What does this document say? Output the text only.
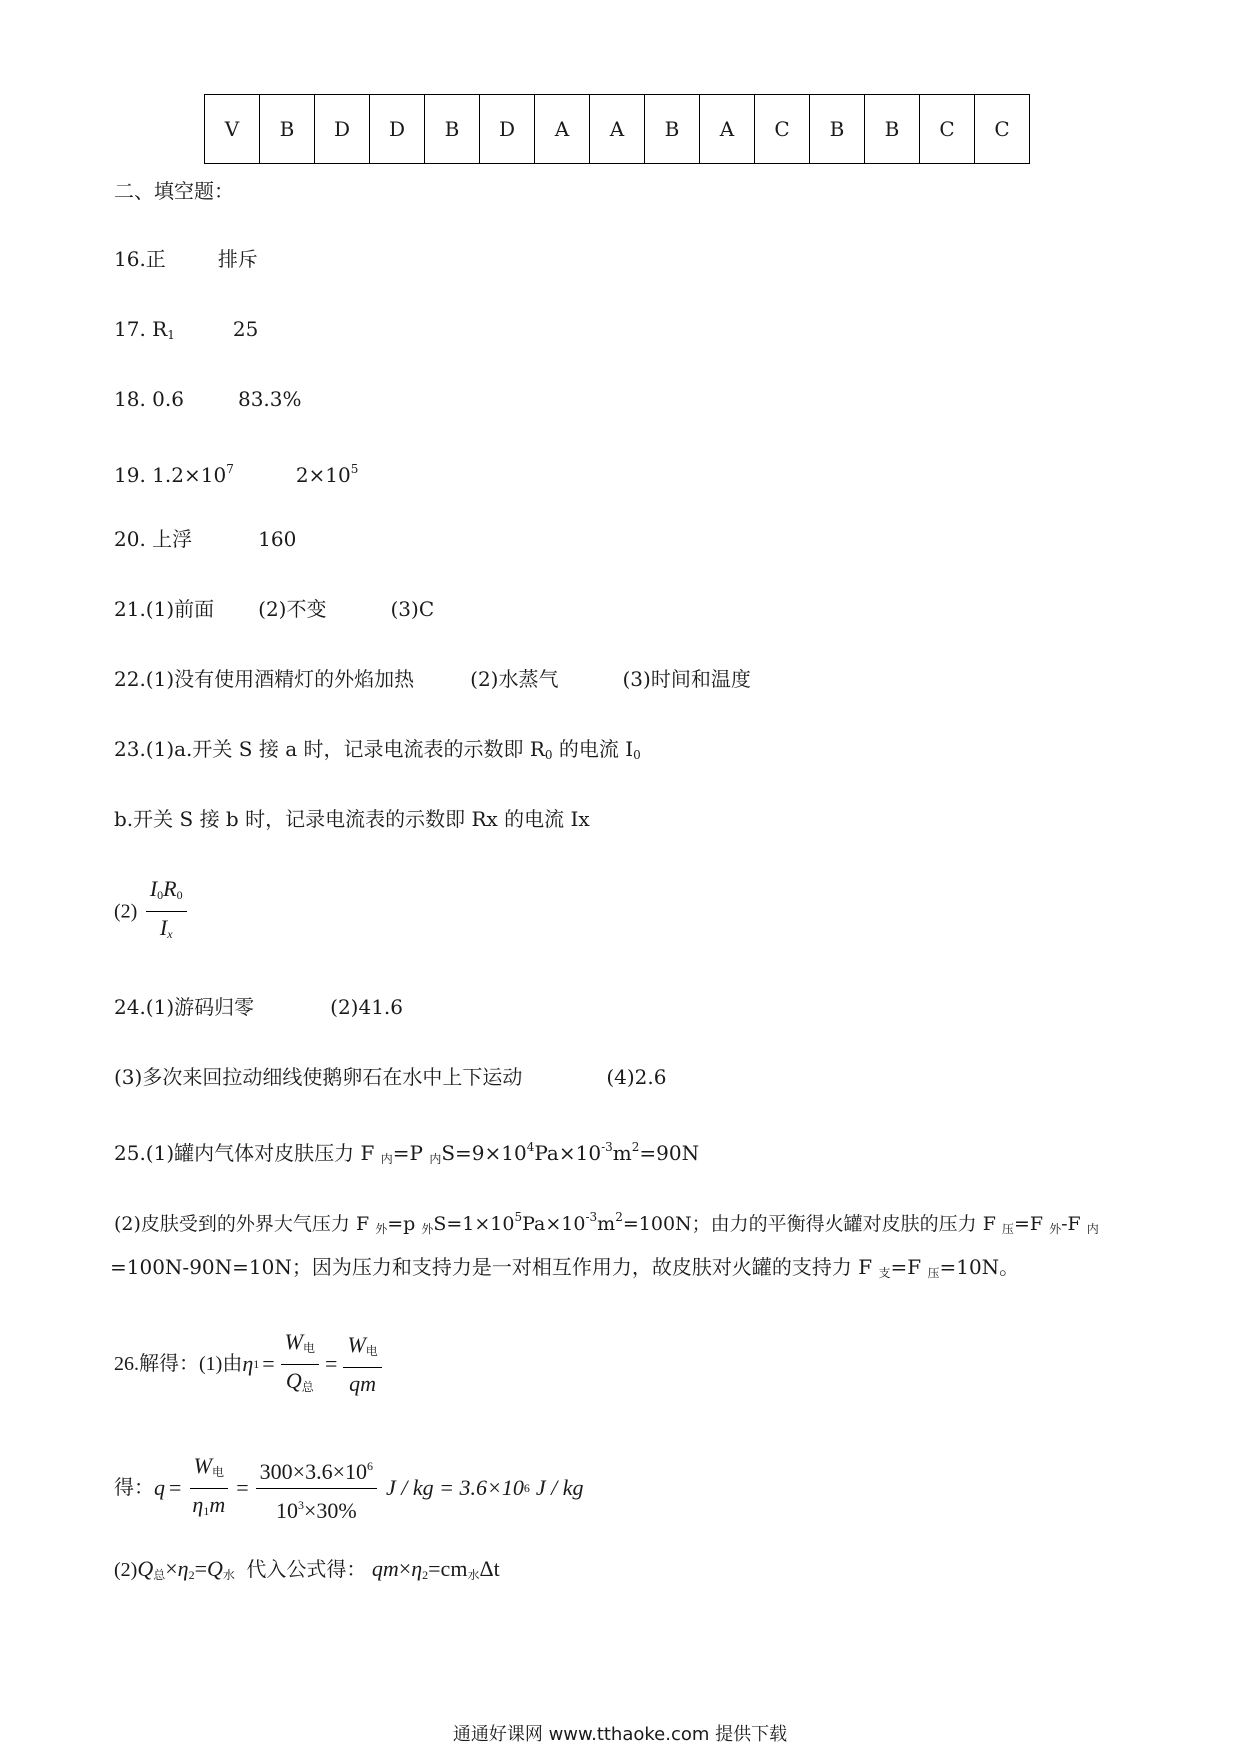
V	B	D	D	B	D	A	A	B	A	C	B	B	C	C
二、填空题：
16.正	排斥
17. $R_1$	25
18. 0.6	83.3%
19. $1.2\times 10^7$	$2\times 10^5$
20. 上浮	160
21.(1)前面 (2)不变	(3)C
22.(1)没有使用酒精灯的外焰加热	(2)水蒸气	(3)时间和温度
23.(1)a.开关 S 接 a 时，记录电流表的示数即 $R_0$ 的电流 $I_0$
b.开关 S 接 b 时，记录电流表的示数即 Rx 的电流 Ix
$(2) \frac{I_0R_0}{I_x}$
24.(1)游码归零	(2)41.6
(3)多次来回拉动细线使鹅卵石在水中上下运动	(4)2.6
25.(1)罐内气体对皮肤压力 F $_内$=P $_内S=9\times 10^4Pa\times 10^{-3}m^2=90N$
(2)皮肤受到的外界大气压力 F $_外$=p $_外S=1\times 10^5Pa\times 10^{-3}m^2=100N$；由力的平衡得火罐对皮肤的压力 F $_压$=F $_外$-F $_内$
=100N-90N=10N；因为压力和支持力是一对相互作用力，故皮肤对火罐的支持力 F $_支$=F $_压$=10N。
26.解得：(1)由 η $1 = \frac{W_电}{Q_总} = \frac{W_电}{qm}$
得： $q = \frac{W_电}{\eta_1m} = \frac{300\times 3.6\times 10^6}{10^3\times 30\%}$ J / kg = 3.6×10 6 J / kg
$(2)Q_总\times\eta_2=Q_水$ 代入公式得： $qm\times\eta_2=cm_水\Delta t$
通通好课网 www.tthaoke.com 提供下载
